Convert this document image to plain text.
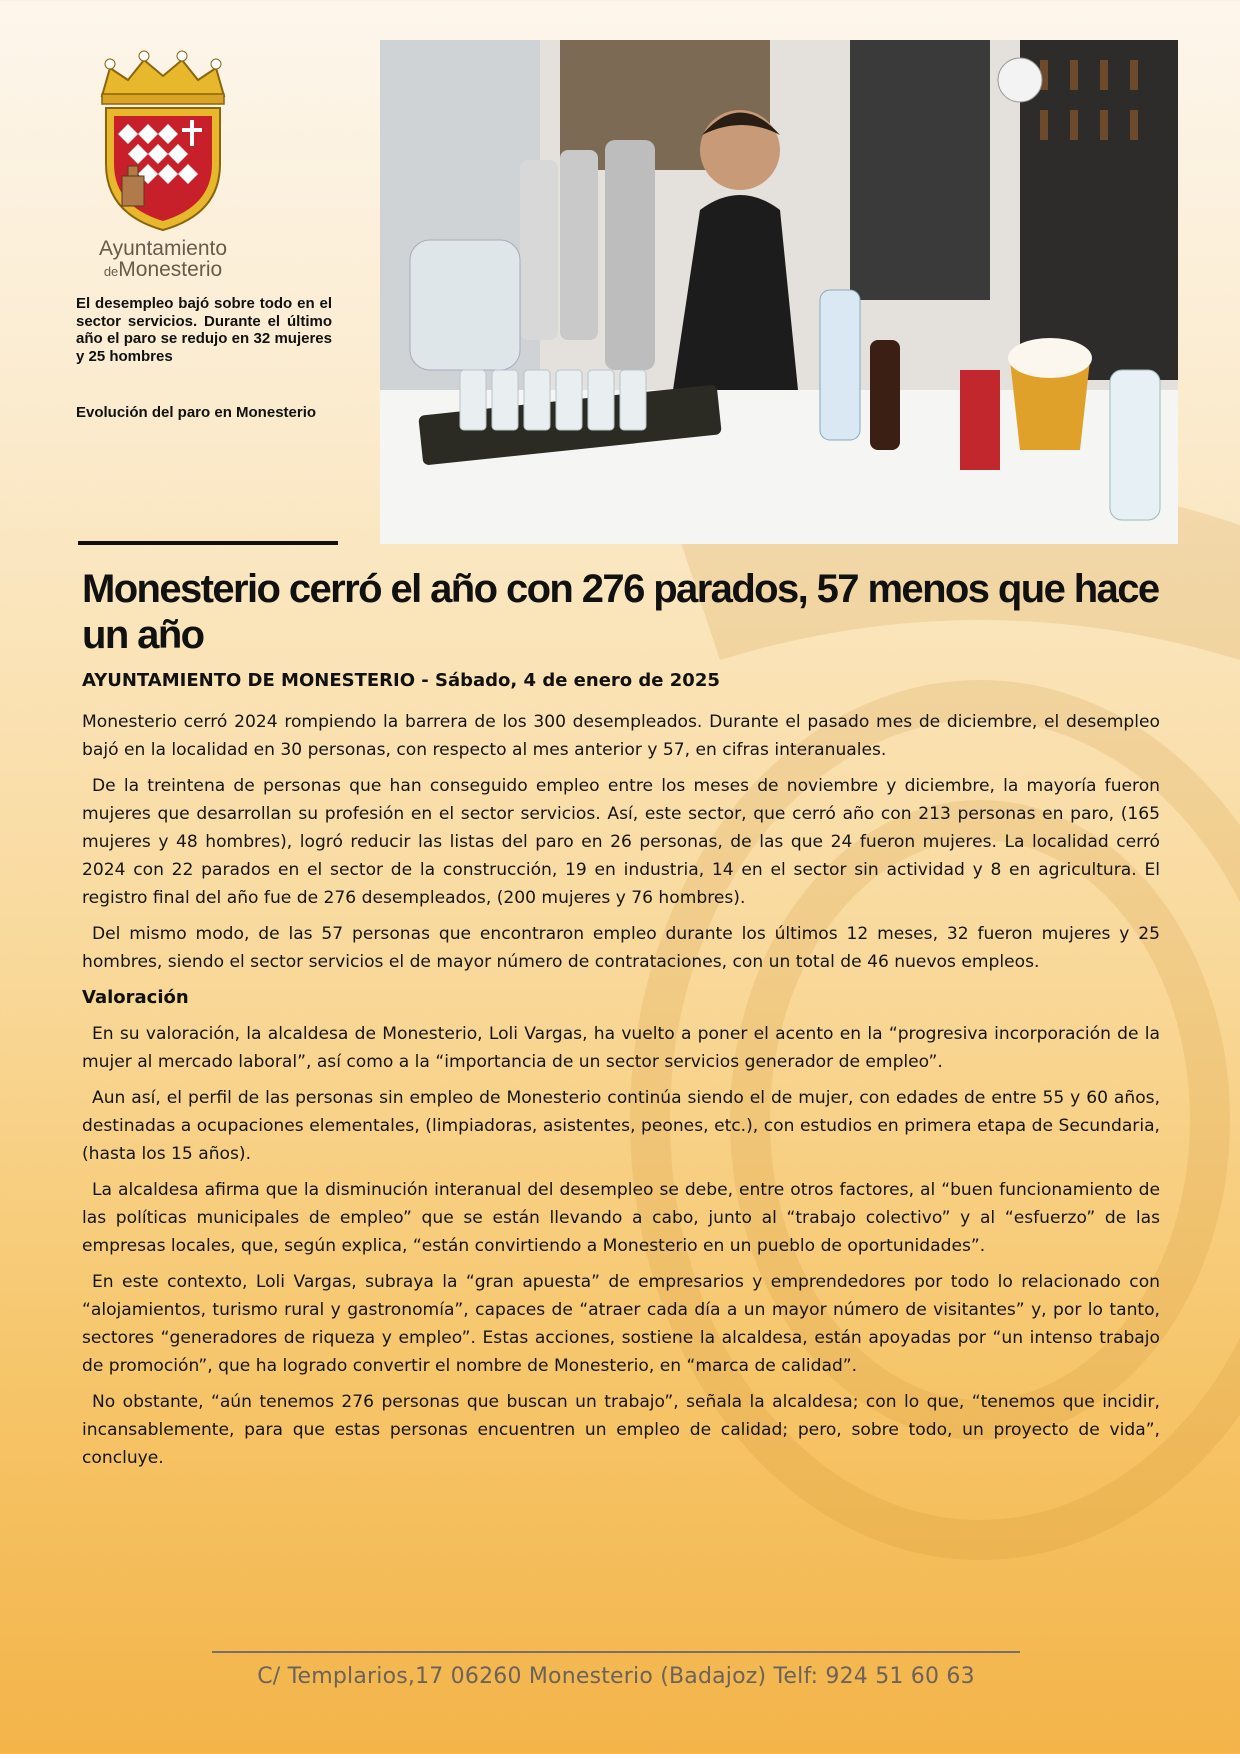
Ayuntamiento
deMonesterio
El desempleo bajó sobre todo en el sector servicios. Durante el último año el paro se redujo en 32 mujeres y 25 hombres
Evolución del paro en Monesterio
Monesterio cerró el año con 276 parados, 57 menos que hace un año
AYUNTAMIENTO DE MONESTERIO - Sábado, 4 de enero de 2025

Monesterio cerró 2024 rompiendo la barrera de los 300 desempleados. Durante el pasado mes de diciembre, el desempleo bajó en la localidad en 30 personas, con respecto al mes anterior y 57, en cifras interanuales.

De la treintena de personas que han conseguido empleo entre los meses de noviembre y diciembre, la mayoría fueron mujeres que desarrollan su profesión en el sector servicios. Así, este sector, que cerró año con 213 personas en paro, (165 mujeres y 48 hombres), logró reducir las listas del paro en 26 personas, de las que 24 fueron mujeres. La localidad cerró 2024 con 22 parados en el sector de la construcción, 19 en industria, 14 en el sector sin actividad y 8 en agricultura. El registro final del año fue de 276 desempleados, (200 mujeres y 76 hombres).

Del mismo modo, de las 57 personas que encontraron empleo durante los últimos 12 meses, 32 fueron mujeres y 25 hombres, siendo el sector servicios el de mayor número de contrataciones, con un total de 46 nuevos empleos.

Valoración

En su valoración, la alcaldesa de Monesterio, Loli Vargas, ha vuelto a poner el acento en la “progresiva incorporación de la mujer al mercado laboral”, así como a la “importancia de un sector servicios generador de empleo”.

Aun así, el perfil de las personas sin empleo de Monesterio continúa siendo el de mujer, con edades de entre 55 y 60 años, destinadas a ocupaciones elementales, (limpiadoras, asistentes, peones, etc.), con estudios en primera etapa de Secundaria, (hasta los 15 años).

La alcaldesa afirma que la disminución interanual del desempleo se debe, entre otros factores, al “buen funcionamiento de las políticas municipales de empleo” que se están llevando a cabo, junto al “trabajo colectivo” y al “esfuerzo” de las empresas locales, que, según explica, “están convirtiendo a Monesterio en un pueblo de oportunidades”.

En este contexto, Loli Vargas, subraya la “gran apuesta” de empresarios y emprendedores por todo lo relacionado con “alojamientos, turismo rural y gastronomía”, capaces de “atraer cada día a un mayor número de visitantes” y, por lo tanto, sectores “generadores de riqueza y empleo”. Estas acciones, sostiene la alcaldesa, están apoyadas por “un intenso trabajo de promoción”, que ha logrado convertir el nombre de Monesterio, en “marca de calidad”.

No obstante, “aún tenemos 276 personas que buscan un trabajo”, señala la alcaldesa; con lo que, “tenemos que incidir, incansablemente, para que estas personas encuentren un empleo de calidad; pero, sobre todo, un proyecto de vida”, concluye.

C/ Templarios,17 06260 Monesterio (Badajoz) Telf: 924 51 60 63
